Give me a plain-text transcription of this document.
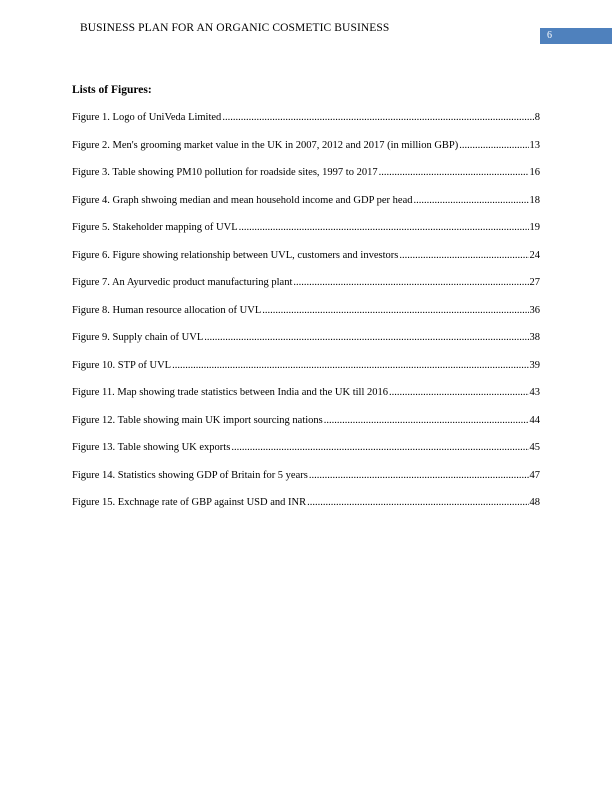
BUSINESS PLAN FOR AN ORGANIC COSMETIC BUSINESS
6
Lists of Figures:
Figure 1. Logo of UniVeda Limited .....	8
Figure 2. Men's grooming market value in the UK in 2007, 2012 and 2017 (in million GBP) .....	13
Figure 3. Table showing PM10 pollution for roadside sites, 1997 to 2017 .....	16
Figure 4. Graph shwoing median and mean household income and GDP per head .....	18
Figure 5. Stakeholder mapping of UVL .....	19
Figure 6. Figure showing relationship between UVL, customers and investors .....	24
Figure 7. An Ayurvedic product manufacturing plant .....	27
Figure 8. Human resource allocation of UVL .....	36
Figure 9. Supply chain of UVL .....	38
Figure 10. STP of UVL .....	39
Figure 11. Map showing trade statistics between India and the UK till 2016 .....	43
Figure 12. Table showing main UK import sourcing nations .....	44
Figure 13. Table showing UK exports .....	45
Figure 14. Statistics showing GDP of Britain for 5 years .....	47
Figure 15. Exchnage rate of GBP against USD and INR .....	48
